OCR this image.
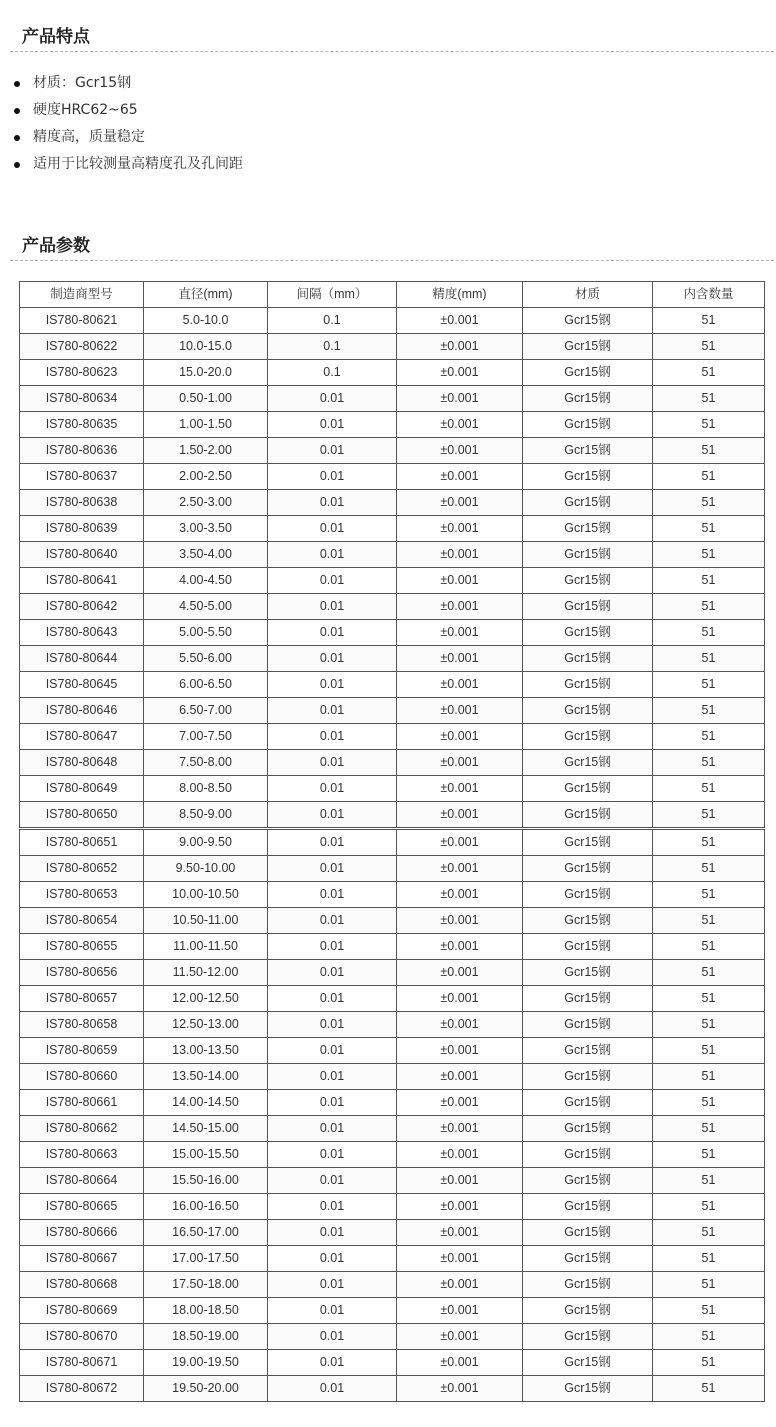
产品特点
材质：Gcr15钢
硬度HRC62~65
精度高，质量稳定
适用于比较测量高精度孔及孔间距
产品参数
制造商型号	直径(mm)	间隔（mm）	精度(mm)	材质	内含数量
IS780-80621	5.0-10.0	0.1	±0.001	Gcr15钢	51
IS780-80622	10.0-15.0	0.1	±0.001	Gcr15钢	51
IS780-80623	15.0-20.0	0.1	±0.001	Gcr15钢	51
IS780-80634	0.50-1.00	0.01	±0.001	Gcr15钢	51
IS780-80635	1.00-1.50	0.01	±0.001	Gcr15钢	51
IS780-80636	1.50-2.00	0.01	±0.001	Gcr15钢	51
IS780-80637	2.00-2.50	0.01	±0.001	Gcr15钢	51
IS780-80638	2.50-3.00	0.01	±0.001	Gcr15钢	51
IS780-80639	3.00-3.50	0.01	±0.001	Gcr15钢	51
IS780-80640	3.50-4.00	0.01	±0.001	Gcr15钢	51
IS780-80641	4.00-4.50	0.01	±0.001	Gcr15钢	51
IS780-80642	4.50-5.00	0.01	±0.001	Gcr15钢	51
IS780-80643	5.00-5.50	0.01	±0.001	Gcr15钢	51
IS780-80644	5.50-6.00	0.01	±0.001	Gcr15钢	51
IS780-80645	6.00-6.50	0.01	±0.001	Gcr15钢	51
IS780-80646	6.50-7.00	0.01	±0.001	Gcr15钢	51
IS780-80647	7.00-7.50	0.01	±0.001	Gcr15钢	51
IS780-80648	7.50-8.00	0.01	±0.001	Gcr15钢	51
IS780-80649	8.00-8.50	0.01	±0.001	Gcr15钢	51
IS780-80650	8.50-9.00	0.01	±0.001	Gcr15钢	51
IS780-80651	9.00-9.50	0.01	±0.001	Gcr15钢	51
IS780-80652	9.50-10.00	0.01	±0.001	Gcr15钢	51
IS780-80653	10.00-10.50	0.01	±0.001	Gcr15钢	51
IS780-80654	10.50-11.00	0.01	±0.001	Gcr15钢	51
IS780-80655	11.00-11.50	0.01	±0.001	Gcr15钢	51
IS780-80656	11.50-12.00	0.01	±0.001	Gcr15钢	51
IS780-80657	12.00-12.50	0.01	±0.001	Gcr15钢	51
IS780-80658	12.50-13.00	0.01	±0.001	Gcr15钢	51
IS780-80659	13.00-13.50	0.01	±0.001	Gcr15钢	51
IS780-80660	13.50-14.00	0.01	±0.001	Gcr15钢	51
IS780-80661	14.00-14.50	0.01	±0.001	Gcr15钢	51
IS780-80662	14.50-15.00	0.01	±0.001	Gcr15钢	51
IS780-80663	15.00-15.50	0.01	±0.001	Gcr15钢	51
IS780-80664	15.50-16.00	0.01	±0.001	Gcr15钢	51
IS780-80665	16.00-16.50	0.01	±0.001	Gcr15钢	51
IS780-80666	16.50-17.00	0.01	±0.001	Gcr15钢	51
IS780-80667	17.00-17.50	0.01	±0.001	Gcr15钢	51
IS780-80668	17.50-18.00	0.01	±0.001	Gcr15钢	51
IS780-80669	18.00-18.50	0.01	±0.001	Gcr15钢	51
IS780-80670	18.50-19.00	0.01	±0.001	Gcr15钢	51
IS780-80671	19.00-19.50	0.01	±0.001	Gcr15钢	51
IS780-80672	19.50-20.00	0.01	±0.001	Gcr15钢	51
